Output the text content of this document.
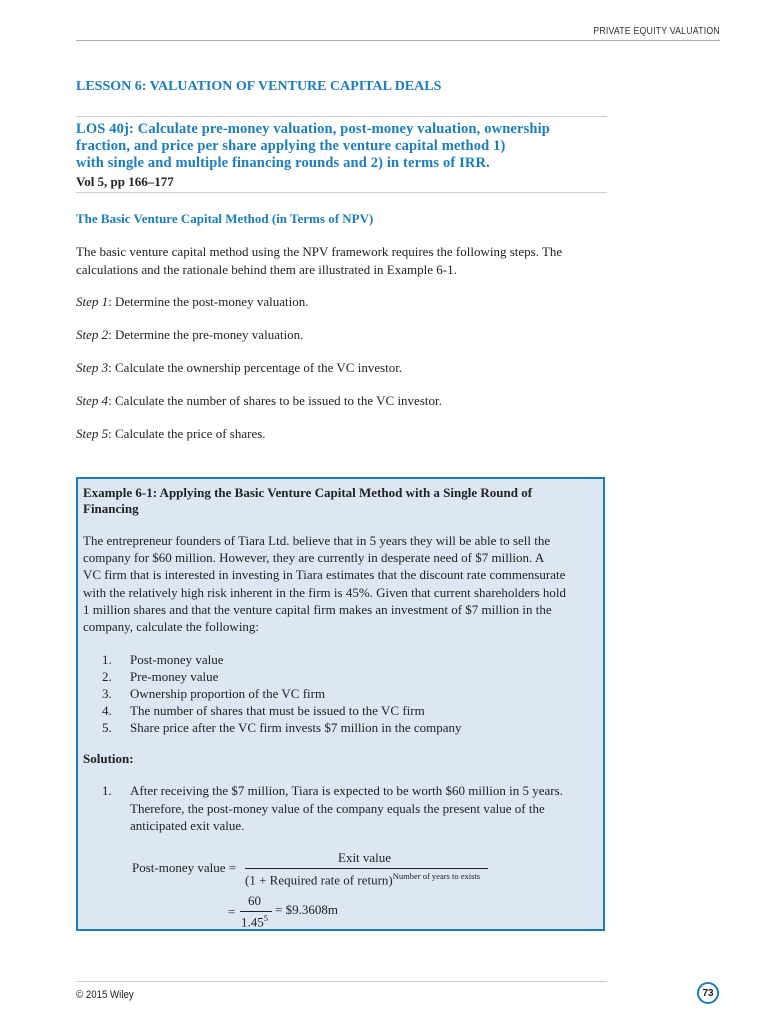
PRIVATE EQUITY VALUATION
LESSON 6: VALUATION OF VENTURE CAPITAL DEALS

LOS 40j: Calculate pre-money valuation, post-money valuation, ownership
fraction, and price per share applying the venture capital method 1)
with single and multiple financing rounds and 2) in terms of IRR.

Vol 5, pp 166–177

The Basic Venture Capital Method (in Terms of NPV)

The basic venture capital method using the NPV framework requires the following steps. The
calculations and the rationale behind them are illustrated in Example 6-1.

Step 1: Determine the post-money valuation.

Step 2: Determine the pre-money valuation.

Step 3: Calculate the ownership percentage of the VC investor.

Step 4: Calculate the number of shares to be issued to the VC investor.

Step 5: Calculate the price of shares.

Example 6-1: Applying the Basic Venture Capital Method with a Single Round of
Financing

The entrepreneur founders of Tiara Ltd. believe that in 5 years they will be able to sell the
company for $60 million. However, they are currently in desperate need of $7 million. A
VC firm that is interested in investing in Tiara estimates that the discount rate commensurate
with the relatively high risk inherent in the firm is 45%. Given that current shareholders hold
1 million shares and that the venture capital firm makes an investment of $7 million in the
company, calculate the following:

1.	Post-money value
2.	Pre-money value
3.	Ownership proportion of the VC firm
4.	The number of shares that must be issued to the VC firm
5.	Share price after the VC firm invests $7 million in the company

Solution:

1. After receiving the $7 million, Tiara is expected to be worth $60 million in 5 years.
Therefore, the post-money value of the company equals the present value of the
anticipated exit value.
Post-money value =
Exit value
(1 + Required rate of return)$^{Number of years to exists}$
=
60
$1.45^5$
= $9.3608m
© 2015 Wiley	73
